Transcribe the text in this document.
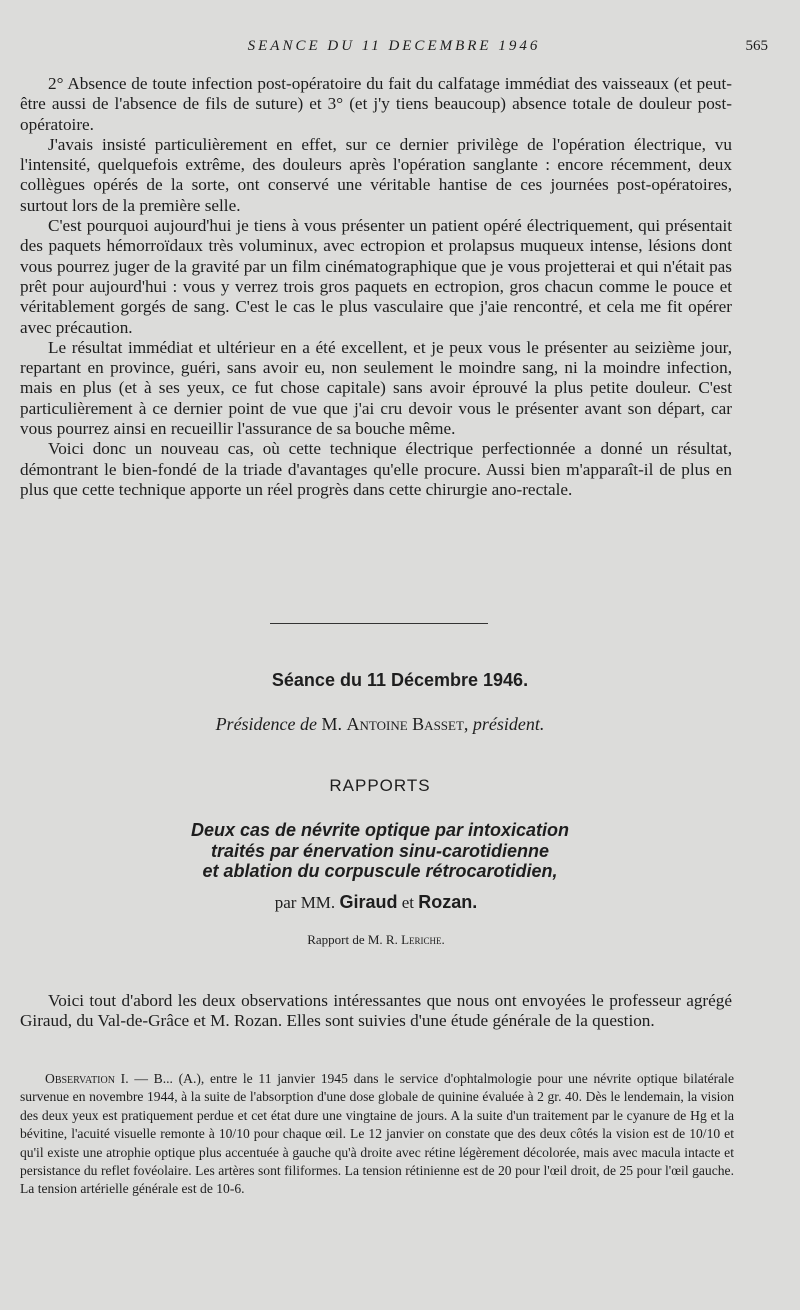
SEANCE DU 11 DECEMBRE 1946	565

2° Absence de toute infection post-opératoire du fait du calfatage immédiat des vaisseaux (et peut-être aussi de l'absence de fils de suture) et 3° (et j'y tiens beaucoup) absence totale de douleur post-opératoire.

J'avais insisté particulièrement en effet, sur ce dernier privilège de l'opération électrique, vu l'intensité, quelquefois extrême, des douleurs après l'opération sanglante : encore récemment, deux collègues opérés de la sorte, ont conservé une véritable hantise de ces journées post-opératoires, surtout lors de la première selle.

C'est pourquoi aujourd'hui je tiens à vous présenter un patient opéré électriquement, qui présentait des paquets hémorroïdaux très voluminux, avec ectropion et prolapsus muqueux intense, lésions dont vous pourrez juger de la gravité par un film cinématographique que je vous projetterai et qui n'était pas prêt pour aujourd'hui : vous y verrez trois gros paquets en ectropion, gros chacun comme le pouce et véritablement gorgés de sang. C'est le cas le plus vasculaire que j'aie rencontré, et cela me fit opérer avec précaution.

Le résultat immédiat et ultérieur en a été excellent, et je peux vous le présenter au seizième jour, repartant en province, guéri, sans avoir eu, non seulement le moindre sang, ni la moindre infection, mais en plus (et à ses yeux, ce fut chose capitale) sans avoir éprouvé la plus petite douleur. C'est particulièrement à ce dernier point de vue que j'ai cru devoir vous le présenter avant son départ, car vous pourrez ainsi en recueillir l'assurance de sa bouche même.

Voici donc un nouveau cas, où cette technique électrique perfectionnée a donné un résultat, démontrant le bien-fondé de la triade d'avantages qu'elle procure. Aussi bien m'apparaît-il de plus en plus que cette technique apporte un réel progrès dans cette chirurgie ano-rectale.

Séance du 11 Décembre 1946.
Présidence de M. Antoine Basset, président.
RAPPORTS
Deux cas de névrite optique par intoxication
traités par énervation sinu-carotidienne
et ablation du corpuscule rétrocarotidien,
par MM. Giraud et Rozan.
Rapport de M. R. Leriche.
Voici tout d'abord les deux observations intéressantes que nous ont envoyées le professeur agrégé Giraud, du Val-de-Grâce et M. Rozan. Elles sont suivies d'une étude générale de la question.
Observation I. — B... (A.), entre le 11 janvier 1945 dans le service d'ophtalmologie pour une névrite optique bilatérale survenue en novembre 1944, à la suite de l'absorption d'une dose globale de quinine évaluée à 2 gr. 40. Dès le lendemain, la vision des deux yeux est pratiquement perdue et cet état dure une vingtaine de jours. A la suite d'un traitement par le cyanure de Hg et la bévitine, l'acuité visuelle remonte à 10/10 pour chaque œil. Le 12 janvier on constate que des deux côtés la vision est de 10/10 et qu'il existe une atrophie optique plus accentuée à gauche qu'à droite avec rétine légèrement décolorée, mais avec macula intacte et persistance du reflet fovéolaire. Les artères sont filiformes. La tension rétinienne est de 20 pour l'œil droit, de 25 pour l'œil gauche. La tension artérielle générale est de 10-6.
